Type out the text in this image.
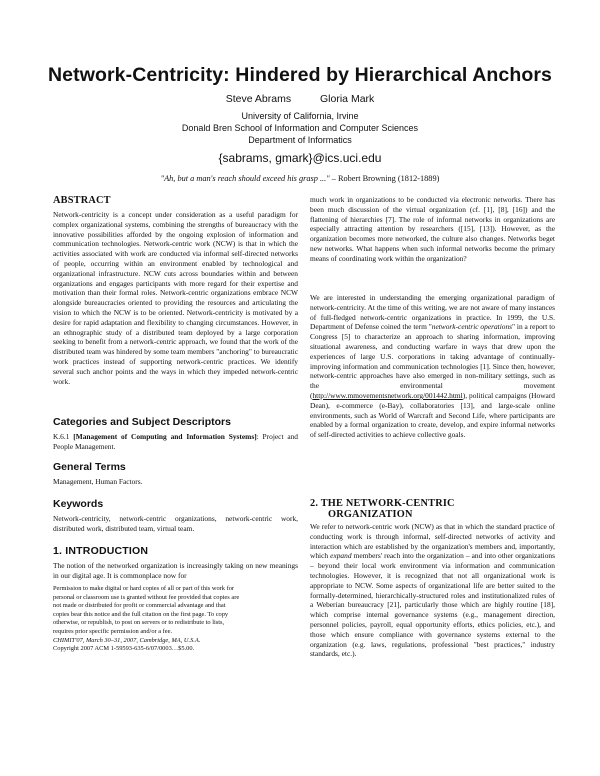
Network-Centricity: Hindered by Hierarchical Anchors
Steve Abrams	Gloria Mark
University of California, Irvine
Donald Bren School of Information and Computer Sciences
Department of Informatics
{sabrams, gmark}@ics.uci.edu
"Ah, but a man's reach should exceed his grasp ..." – Robert Browning (1812-1889)
ABSTRACT

Network-centricity is a concept under consideration as a useful paradigm for complex organizational systems, combining the strengths of bureaucracy with the innovative possibilities afforded by the ongoing explosion of information and communication technologies. Network-centric work (NCW) is that in which the activities associated with work are conducted via informal self-directed networks of people, occurring within an environment enabled by technological and organizational infrastructure. NCW cuts across boundaries within and between organizations and engages participants with more regard for their expertise and motivation than their formal roles. Network-centric organizations embrace NCW alongside bureaucracies oriented to providing the resources and articulating the vision to which the NCW is to be oriented. Network-centricity is motivated by a desire for rapid adaptation and flexibility to changing circumstances. However, in an ethnographic study of a distributed team deployed by a large corporation seeking to benefit from a network-centric approach, we found that the work of the distributed team was hindered by some team members "anchoring" to bureaucratic work practices instead of supporting network-centric practices. We identify several such anchor points and the ways in which they impeded network-centric work.

Categories and Subject Descriptors

K.6.1 [Management of Computing and Information Systems]: Project and People Management.

General Terms

Management, Human Factors.

Keywords

Network-centricity, network-centric organizations, network-centric work, distributed work, distributed team, virtual team.

1. INTRODUCTION

The notion of the networked organization is increasingly taking on new meanings in our digital age. It is commonplace now for

Permission to make digital or hard copies of all or part of this work for

personal or classroom use is granted without fee provided that copies are

not made or distributed for profit or commercial advantage and that

copies bear this notice and the full citation on the first page. To copy

otherwise, or republish, to post on servers or to redistribute to lists,

requires prior specific permission and/or a fee.

CHIMIT'07, March 30–31, 2007, Cambridge, MA, U.S.A.

Copyright 2007 ACM 1-59593-635-6/07/0003…$5.00.

much work in organizations to be conducted via electronic networks. There has been much discussion of the virtual organization (cf. [1], [8], [16]) and the flattening of hierarchies [7]. The role of informal networks in organizations are especially attracting attention by researchers ([15], [13]). However, as the organization becomes more networked, the culture also changes. Networks beget new networks. What happens when such informal networks become the primary means of coordinating work within the organization?

We are interested in understanding the emerging organizational paradigm of network-centricity. At the time of this writing, we are not aware of many instances of full-fledged network-centric organizations in practice. In 1999, the U.S. Department of Defense coined the term "network-centric operations" in a report to Congress [5] to characterize an approach to sharing information, improving situational awareness, and conducting warfare in ways that drew upon the experiences of large U.S. corporations in taking advantage of continually-improving information and communication technologies [1]. Since then, however, network-centric approaches have also emerged in non-military settings, such as the environmental movement (http://www.mmovementsnetwork.org/001442.html), political campaigns (Howard Dean), e-commerce (e-Bay), collaboratories [13], and large-scale online environments, such as World of Warcraft and Second Life, where participants are enabled by a formal organization to create, develop, and expire informal networks of self-directed activities to achieve collective goals.

2. THE NETWORK-CENTRIC
ORGANIZATION

We refer to network-centric work (NCW) as that in which the standard practice of conducting work is through informal, self-directed networks of activity and interaction which are established by the organization's members and, importantly, which expand members' reach into the organization – and into other organizations – beyond their local work environment via information and communication technologies. However, it is recognized that not all organizational work is appropriate to NCW. Some aspects of organizational life are better suited to the formally-determined, hierarchically-structured roles and institutionalized rules of a Weberian bureaucracy [21], particularly those which are highly routine [18], which comprise internal governance systems (e.g., management direction, personnel policies, payroll, equal opportunity efforts, ethics policies, etc.), and those which ensure compliance with governance systems external to the organization (e.g. laws, regulations, professional "best practices," industry standards, etc.).
